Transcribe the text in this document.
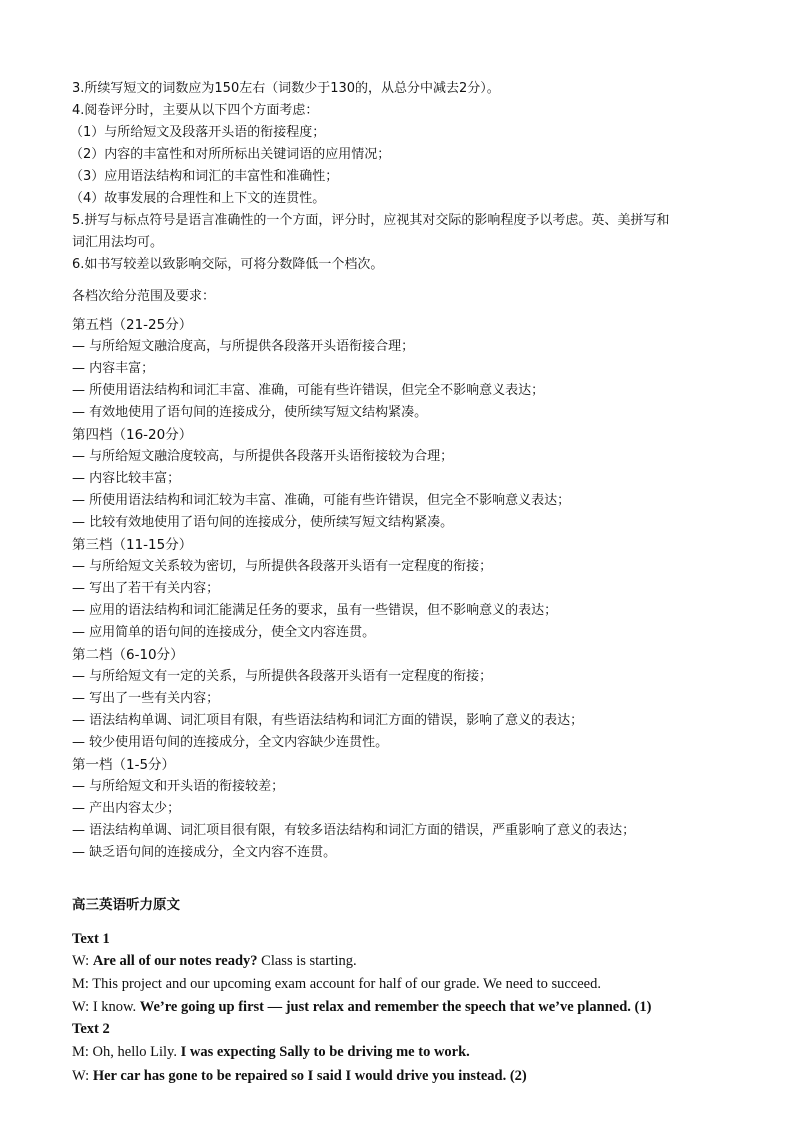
3.所续写短文的词数应为150左右（词数少于130的，从总分中减去2分）。
4.阅卷评分时，主要从以下四个方面考虑：
（1）与所给短文及段落开头语的衔接程度；
（2）内容的丰富性和对所所标出关键词语的应用情况；
（3）应用语法结构和词汇的丰富性和准确性；
（4）故事发展的合理性和上下文的连贯性。
5.拼写与标点符号是语言准确性的一个方面，评分时，应视其对交际的影响程度予以考虑。英、美拼写和
词汇用法均可。
6.如书写较差以致影响交际，可将分数降低一个档次。
各档次给分范围及要求：
第五档（21-25分）
— 与所给短文融洽度高，与所提供各段落开头语衔接合理；
— 内容丰富；
— 所使用语法结构和词汇丰富、准确，可能有些许错误，但完全不影响意义表达；
— 有效地使用了语句间的连接成分，使所续写短文结构紧凑。
第四档（16-20分）
— 与所给短文融洽度较高，与所提供各段落开头语衔接较为合理；
— 内容比较丰富；
— 所使用语法结构和词汇较为丰富、准确，可能有些许错误，但完全不影响意义表达；
— 比较有效地使用了语句间的连接成分，使所续写短文结构紧凑。
第三档（11-15分）
— 与所给短文关系较为密切，与所提供各段落开头语有一定程度的衔接；
— 写出了若干有关内容；
— 应用的语法结构和词汇能满足任务的要求，虽有一些错误，但不影响意义的表达；
— 应用简单的语句间的连接成分，使全文内容连贯。
第二档（6-10分）
— 与所给短文有一定的关系，与所提供各段落开头语有一定程度的衔接；
— 写出了一些有关内容；
— 语法结构单调、词汇项目有限，有些语法结构和词汇方面的错误，影响了意义的表达；
— 较少使用语句间的连接成分，全文内容缺少连贯性。
第一档（1-5分）
— 与所给短文和开头语的衔接较差；
— 产出内容太少；
— 语法结构单调、词汇项目很有限，有较多语法结构和词汇方面的错误，严重影响了意义的表达；
— 缺乏语句间的连接成分，全文内容不连贯。
高三英语听力原文
Text 1
W: Are all of our notes ready? Class is starting.
M: This project and our upcoming exam account for half of our grade. We need to succeed.
W: I know. We’re going up first — just relax and remember the speech that we’ve planned. (1)
Text 2
M: Oh, hello Lily. I was expecting Sally to be driving me to work.
W: Her car has gone to be repaired so I said I would drive you instead. (2)
